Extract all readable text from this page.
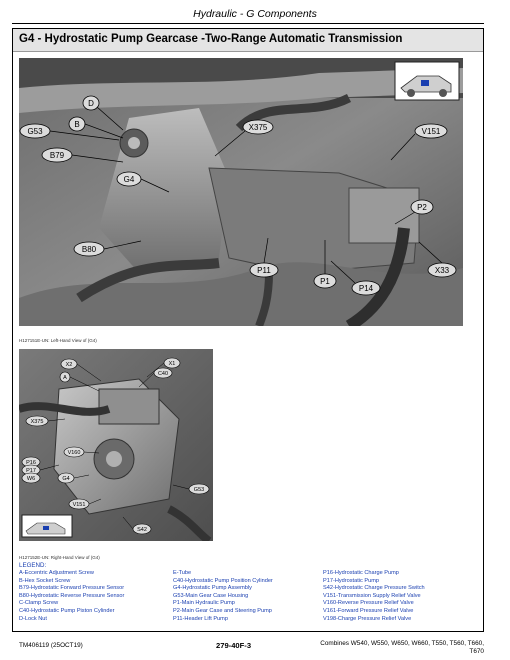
Hydraulic - G Components
G4 - Hydrostatic Pump Gearcase -Two-Range Automatic Transmission
D
G53
B	X375	V151
B79
G4
P2
B80
P11
P1
P14
X33
H127151E-UN: Left-Hand View of (G4)
X2	X1
A
C40
X375
V160
P16
P17
W6	G4
V151
G53
S42
H127152E-UN: Right-Hand View of (G4)
LEGEND:
A-Eccentric Adjustment Screw
B-Hex Socket Screw
B79-Hydrostatic Forward Pressure Sensor
B80-Hydrostatic Reverse Pressure Sensor
C-Clamp Screw
C40-Hydrostatic Pump Piston Cylinder
D-Lock Nut
E-Tube
C40-Hydrostatic Pump Position Cylinder
G4-Hydrostatic Pump Assembly
G53-Main Gear Case Housing
P1-Main Hydraulic Pump
P2-Main Gear Case and Steering Pump
P11-Header Lift Pump
P16-Hydrostatic Charge Pump
P17-Hydrostatic Pump
S42-Hydrostatic Charge Pressure Switch
V151-Transmission Supply Relief Valve
V160-Reverse Pressure Relief Valve
V161-Forward Pressure Relief Valve
V198-Charge Pressure Relief Valve
TM406119 (25OCT19)	279-40F-3	Combines W540, W550, W650, W660, T550, T560, T660,
T670
